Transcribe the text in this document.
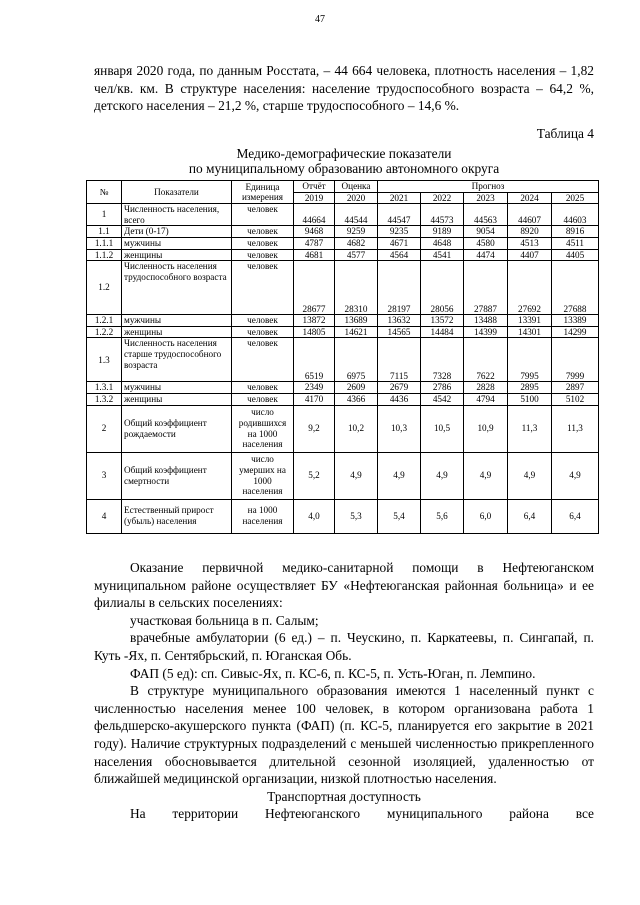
47

января 2020 года, по данным Росстата, – 44 664 человека, плотность населения – 1,82 чел/кв. км. В структуре населения: население трудоспособного возраста – 64,2 %, детского населения – 21,2 %, старше трудоспособного – 14,6 %.

Таблица 4
Медико-демографические показатели
по муниципальному образованию автономного округа
№	Показатели	Единица измерения	Отчёт	Оценка	Прогноз				
			2019	2020	2021	2022	2023	2024	2025
1	Численность населения, всего	человек	44664	44544	44547	44573	44563	44607	44603
1.1	Дети (0-17)	человек	9468	9259	9235	9189	9054	8920	8916
1.1.1	мужчины	человек	4787	4682	4671	4648	4580	4513	4511
1.1.2	женщины	человек	4681	4577	4564	4541	4474	4407	4405
1.2	Численность населения трудоспособного возраста	человек	28677	28310	28197	28056	27887	27692	27688
1.2.1	мужчины	человек	13872	13689	13632	13572	13488	13391	13389
1.2.2	женщины	человек	14805	14621	14565	14484	14399	14301	14299
1.3	Численность населения старше трудоспособного возраста	человек	6519	6975	7115	7328	7622	7995	7999
1.3.1	мужчины	человек	2349	2609	2679	2786	2828	2895	2897
1.3.2	женщины	человек	4170	4366	4436	4542	4794	5100	5102
2	Общий коэффициент рождаемости	число родившихся на 1000 населения	9,2	10,2	10,3	10,5	10,9	11,3	11,3
3	Общий коэффициент смертности	число умерших на 1000 населения	5,2	4,9	4,9	4,9	4,9	4,9	4,9
4	Естественный прирост (убыль) населения	на 1000 населения	4,0	5,3	5,4	5,6	6,0	6,4	6,4

Оказание первичной медико-санитарной помощи в Нефтеюганском муниципальном районе осуществляет БУ «Нефтеюганская районная больница» и ее филиалы в сельских поселениях:

участковая больница в п. Салым;

врачебные амбулатории (6 ед.) – п. Чеускино, п. Каркатеевы, п. Сингапай, п. Куть -Ях, п. Сентябрьский, п. Юганская Обь.

ФАП (5 ед): сп. Сивыс-Ях, п. КС-6, п. КС-5, п. Усть-Юган, п. Лемпино.

В структуре муниципального образования имеются 1 населенный пункт с численностью населения менее 100 человек, в котором организована работа 1 фельдшерско-акушерского пункта (ФАП) (п. КС-5, планируется его закрытие в 2021 году). Наличие структурных подразделений с меньшей численностью прикрепленного населения обосновывается длительной сезонной изоляцией, удаленностью от ближайшей медицинской организации, низкой плотностью населения.

Транспортная доступность

На территории Нефтеюганского муниципального района все
